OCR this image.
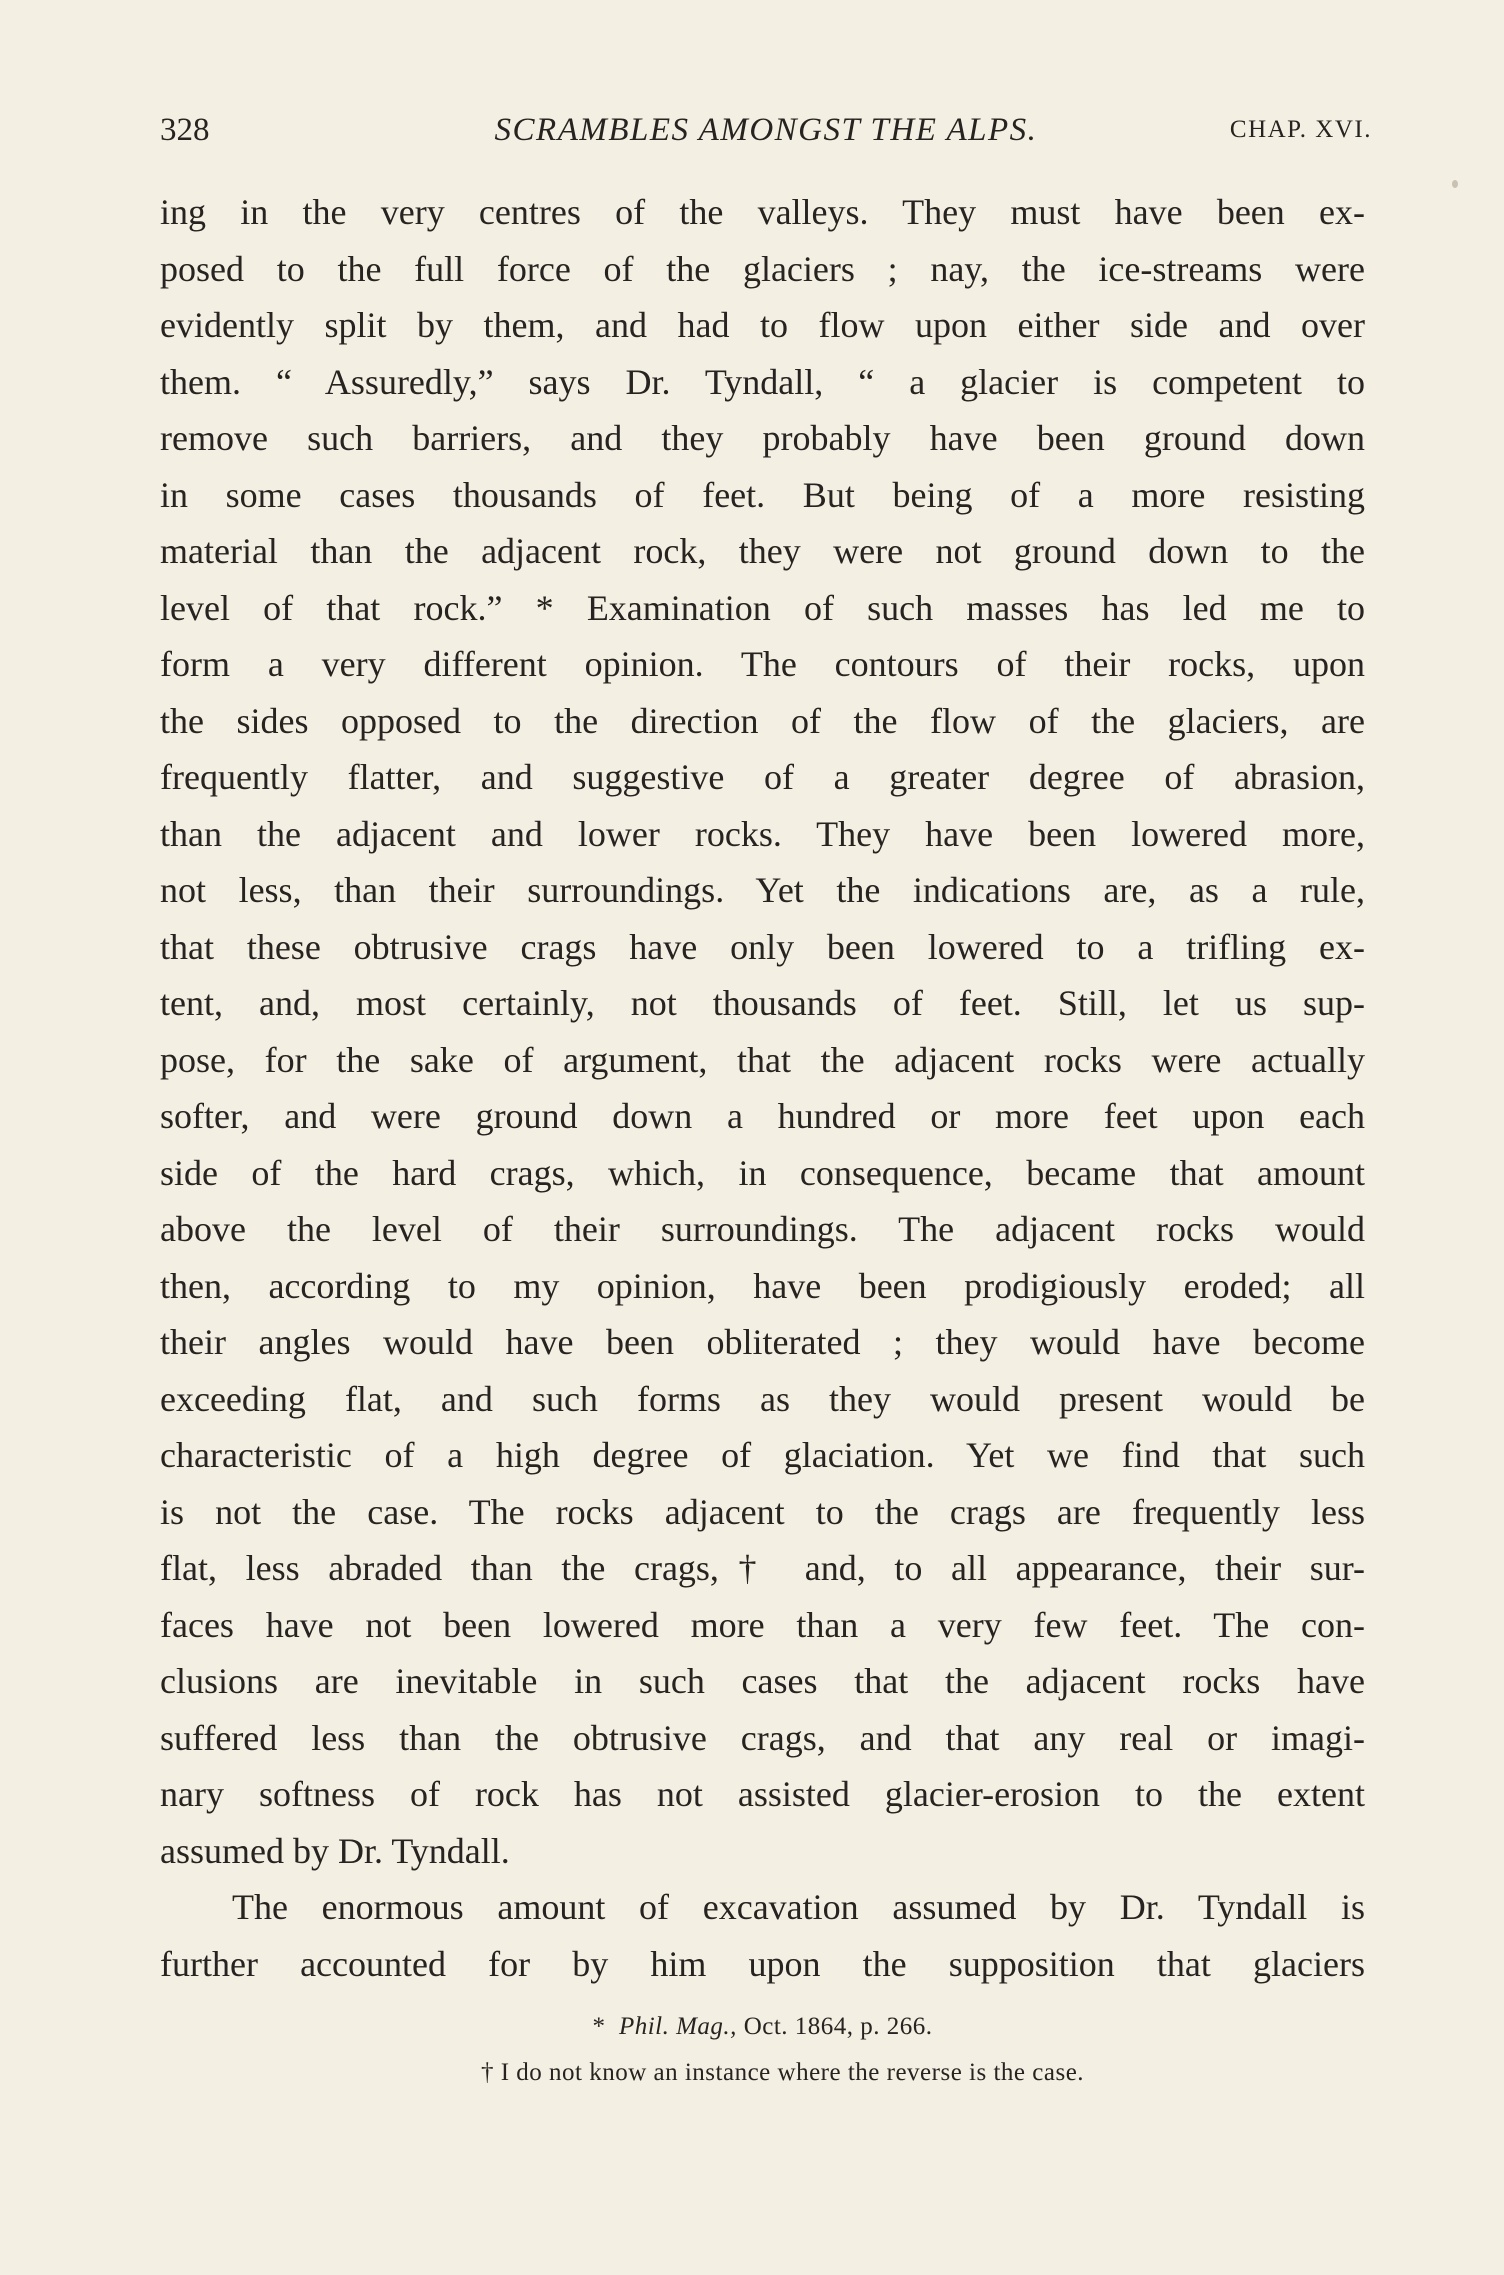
328	SCRAMBLES AMONGST THE ALPS.	CHAP. XVI.
ing in the very centres of the valleys. They must have been ex-
posed to the full force of the glaciers ; nay, the ice-streams were
evidently split by them, and had to flow upon either side and over
them. “ Assuredly,” says Dr. Tyndall, “ a glacier is competent to
remove such barriers, and they probably have been ground down
in some cases thousands of feet. But being of a more resisting
material than the adjacent rock, they were not ground down to the
level of that rock.” * Examination of such masses has led me to
form a very different opinion. The contours of their rocks, upon
the sides opposed to the direction of the flow of the glaciers, are
frequently flatter, and suggestive of a greater degree of abrasion,
than the adjacent and lower rocks. They have been lowered more,
not less, than their surroundings. Yet the indications are, as a rule,
that these obtrusive crags have only been lowered to a trifling ex-
tent, and, most certainly, not thousands of feet. Still, let us sup-
pose, for the sake of argument, that the adjacent rocks were actually
softer, and were ground down a hundred or more feet upon each
side of the hard crags, which, in consequence, became that amount
above the level of their surroundings. The adjacent rocks would
then, according to my opinion, have been prodigiously eroded; all
their angles would have been obliterated ; they would have become
exceeding flat, and such forms as they would present would be
characteristic of a high degree of glaciation. Yet we find that such
is not the case. The rocks adjacent to the crags are frequently less
flat, less abraded than the crags,† and, to all appearance, their sur-
faces have not been lowered more than a very few feet. The con-
clusions are inevitable in such cases that the adjacent rocks have
suffered less than the obtrusive crags, and that any real or imagi-
nary softness of rock has not assisted glacier-erosion to the extent
assumed by Dr. Tyndall.
The enormous amount of excavation assumed by Dr. Tyndall is
further accounted for by him upon the supposition that glaciers
* Phil. Mag., Oct. 1864, p. 266.
† I do not know an instance where the reverse is the case.
